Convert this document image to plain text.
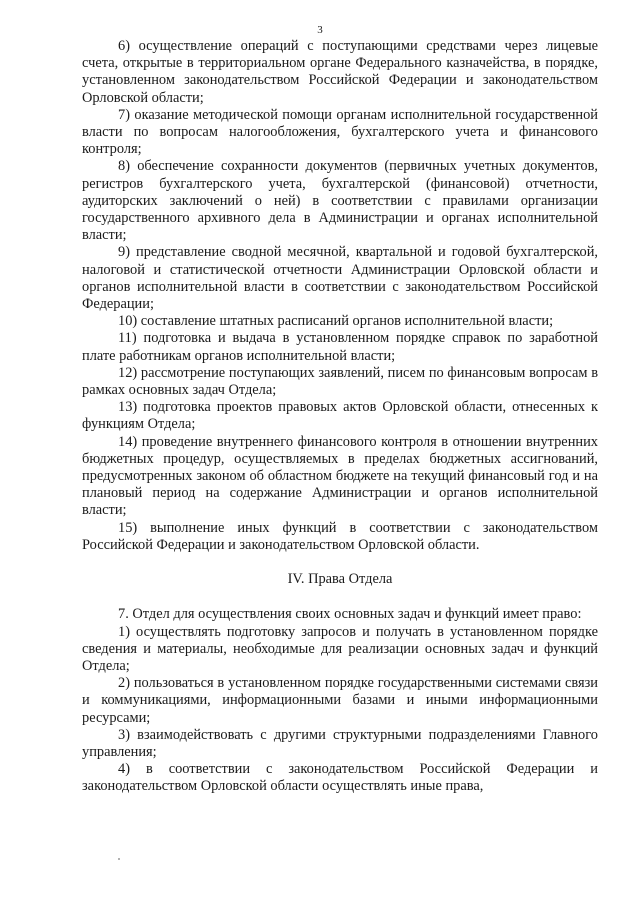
3

6) осуществление операций с поступающими средствами через лицевые счета, открытые в территориальном органе Федерального казначейства, в порядке, установленном законодательством Российской Федерации и законодательством Орловской области;

7) оказание методической помощи органам исполнительной государственной власти по вопросам налогообложения, бухгалтерского учета и финансового контроля;

8) обеспечение сохранности документов (первичных учетных документов, регистров бухгалтерского учета, бухгалтерской (финансовой) отчетности, аудиторских заключений о ней) в соответствии с правилами организации государственного архивного дела в Администрации и органах исполнительной власти;

9) представление сводной месячной, квартальной и годовой бухгалтерской, налоговой и статистической отчетности Администрации Орловской области и органов исполнительной власти в соответствии с законодательством Российской Федерации;

10) составление штатных расписаний органов исполнительной власти;

11) подготовка и выдача в установленном порядке справок по заработной плате работникам органов исполнительной власти;

12) рассмотрение поступающих заявлений, писем по финансовым вопросам в рамках основных задач Отдела;

13) подготовка проектов правовых актов Орловской области, отнесенных к функциям Отдела;

14) проведение внутреннего финансового контроля в отношении внутренних бюджетных процедур, осуществляемых в пределах бюджетных ассигнований, предусмотренных законом об областном бюджете на текущий финансовый год и на плановый период на содержание Администрации и органов исполнительной власти;

15) выполнение иных функций в соответствии с законодательством Российской Федерации и законодательством Орловской области.

IV. Права Отдела

7. Отдел для осуществления своих основных задач и функций имеет право:

1) осуществлять подготовку запросов и получать в установленном порядке сведения и материалы, необходимые для реализации основных задач и функций Отдела;

2) пользоваться в установленном порядке государственными системами связи и коммуникациями, информационными базами и иными информационными ресурсами;

3) взаимодействовать с другими структурными подразделениями Главного управления;

4) в соответствии с законодательством Российской Федерации и законодательством Орловской области осуществлять иные права,
